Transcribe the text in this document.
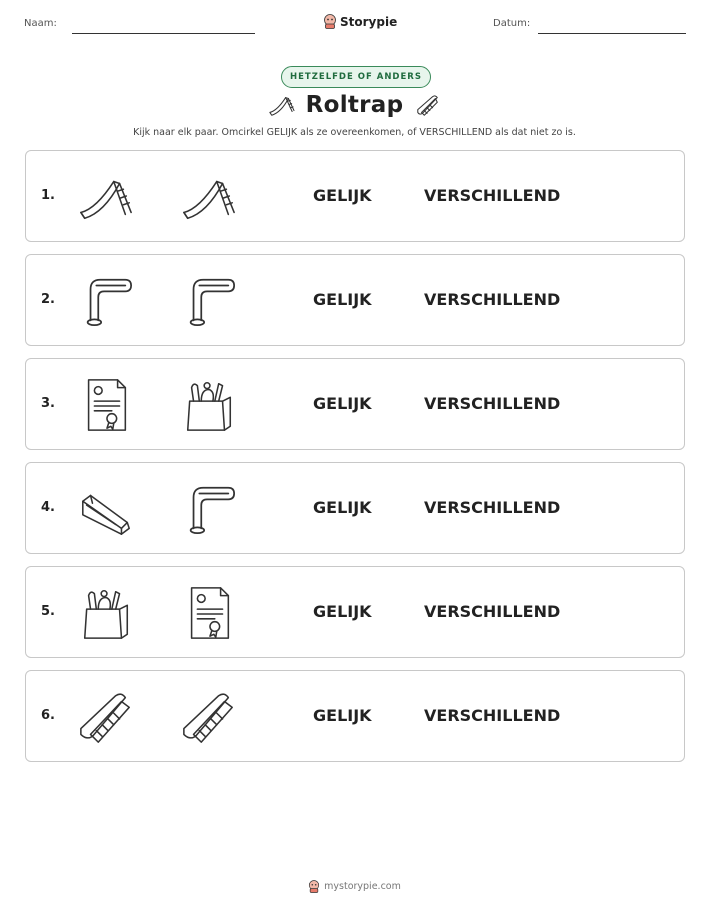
Naam:	Storypie	Datum:
HETZELFDE OF ANDERS
Roltrap
Kijk naar elk paar. Omcirkel GELIJK als ze overeenkomen, of VERSCHILLEND als dat niet zo is.
1.	GELIJK	VERSCHILLEND
2.	GELIJK	VERSCHILLEND
3.	GELIJK	VERSCHILLEND
4.	GELIJK	VERSCHILLEND
5.	GELIJK	VERSCHILLEND
6.	GELIJK	VERSCHILLEND
mystorypie.com
